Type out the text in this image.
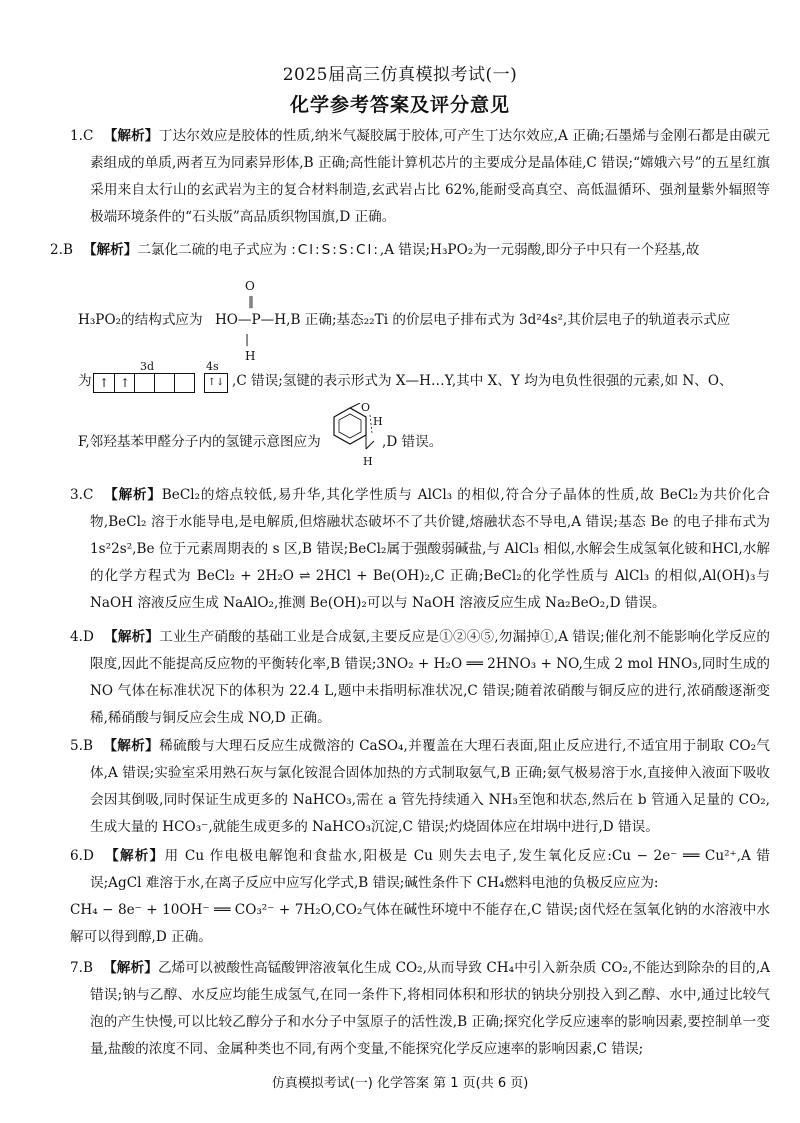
2025届高三仿真模拟考试(一)
化学参考答案及评分意见

1.C 【解析】丁达尔效应是胶体的性质,纳米气凝胶属于胶体,可产生丁达尔效应,A 正确;石墨烯与金刚石都是由碳元素组成的单质,两者互为同素异形体,B 正确;高性能计算机芯片的主要成分是晶体硅,C 错误;“嫦娥六号”的五星红旗采用来自太行山的玄武岩为主的复合材料制造,玄武岩占比 62%,能耐受高真空、高低温循环、强剂量紫外辐照等极端环境条件的“石头版”高品质织物国旗,D 正确。

2.B 【解析】二氯化二硫的电子式应为 :Cl:S:S:Cl:,A 错误;H₃PO₂为一元弱酸,即分子中只有一个羟基,故
O
‖
|
H
H₃PO₂的结构式应为 HO—P—H,B 正确;基态₂₂Ti 的价层电子排布式为 3d²4s²,其价层电子的轨道表示式应
为
3d	4s
↑ ↑	↑↓ ,C 错误;氢键的表示形式为 X—H…Y,其中 X、Y 均为电负性很强的元素,如 N、O、
F,邻羟基苯甲醛分子内的氢键示意图应为
O
H
H
,D 错误。

3.C 【解析】BeCl₂的熔点较低,易升华,其化学性质与 AlCl₃ 的相似,符合分子晶体的性质,故 BeCl₂为共价化合物,BeCl₂ 溶于水能导电,是电解质,但熔融状态破坏不了共价键,熔融状态不导电,A 错误;基态 Be 的电子排布式为 1s²2s²,Be 位于元素周期表的 s 区,B 错误;BeCl₂属于强酸弱碱盐,与 AlCl₃ 相似,水解会生成氢氧化铍和HCl,水解的化学方程式为 BeCl₂ + 2H₂O ⇌ 2HCl + Be(OH)₂,C 正确;BeCl₂的化学性质与 AlCl₃ 的相似,Al(OH)₃与NaOH 溶液反应生成 NaAlO₂,推测 Be(OH)₂可以与 NaOH 溶液反应生成 Na₂BeO₂,D 错误。

4.D 【解析】工业生产硝酸的基础工业是合成氨,主要反应是①②④⑤,勿漏掉①,A 错误;催化剂不能影响化学反应的限度,因此不能提高反应物的平衡转化率,B 错误;3NO₂ + H₂O ══ 2HNO₃ + NO,生成 2 mol HNO₃,同时生成的 NO 气体在标准状况下的体积为 22.4 L,题中未指明标准状况,C 错误;随着浓硝酸与铜反应的进行,浓硝酸逐渐变稀,稀硝酸与铜反应会生成 NO,D 正确。

5.B 【解析】稀硫酸与大理石反应生成微溶的 CaSO₄,并覆盖在大理石表面,阻止反应进行,不适宜用于制取 CO₂气体,A 错误;实验室采用熟石灰与氯化铵混合固体加热的方式制取氨气,B 正确;氨气极易溶于水,直接伸入液面下吸收会因其倒吸,同时保证生成更多的 NaHCO₃,需在 a 管先持续通入 NH₃至饱和状态,然后在 b 管通入足量的 CO₂,生成大量的 HCO₃⁻,就能生成更多的 NaHCO₃沉淀,C 错误;灼烧固体应在坩埚中进行,D 错误。

6.D 【解析】用 Cu 作电极电解饱和食盐水,阳极是 Cu 则失去电子,发生氧化反应:Cu − 2e⁻ ══ Cu²⁺,A 错误;AgCl 难溶于水,在离子反应中应写化学式,B 错误;碱性条件下 CH₄燃料电池的负极反应应为:

CH₄ − 8e⁻ + 10OH⁻ ══ CO₃²⁻ + 7H₂O,CO₂气体在碱性环境中不能存在,C 错误;卤代烃在氢氧化钠的水溶液中水解可以得到醇,D 正确。

7.B 【解析】乙烯可以被酸性高锰酸钾溶液氧化生成 CO₂,从而导致 CH₄中引入新杂质 CO₂,不能达到除杂的目的,A 错误;钠与乙醇、水反应均能生成氢气,在同一条件下,将相同体积和形状的钠块分别投入到乙醇、水中,通过比较气泡的产生快慢,可以比较乙醇分子和水分子中氢原子的活性泼,B 正确;探究化学反应速率的影响因素,要控制单一变量,盐酸的浓度不同、金属种类也不同,有两个变量,不能探究化学反应速率的影响因素,C 错误;

仿真模拟考试(一) 化学答案 第 1 页(共 6 页)
